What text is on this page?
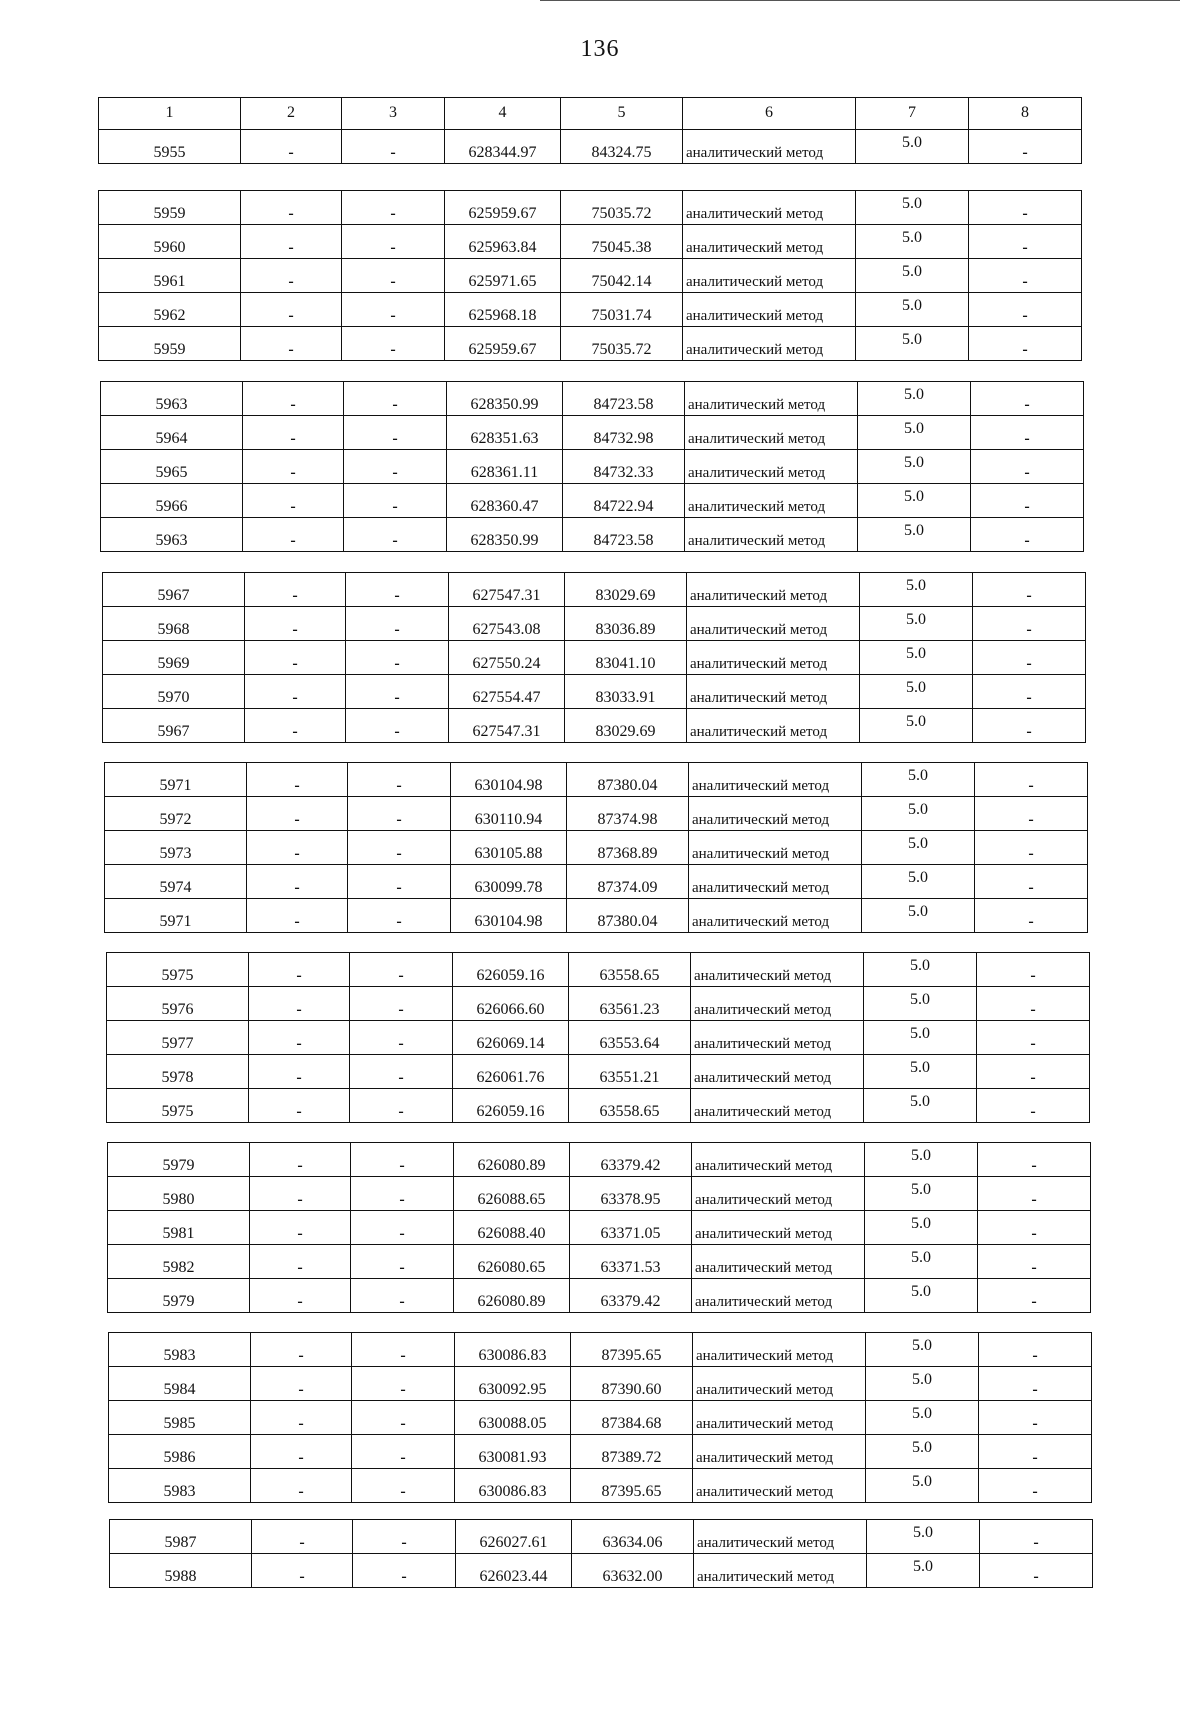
136
1	2	3	4	5	6	7	8
5955	-	-	628344.97	84324.75	аналитический метод	5.0	-
5959	-	-	625959.67	75035.72	аналитический метод	5.0	-
5960	-	-	625963.84	75045.38	аналитический метод	5.0	-
5961	-	-	625971.65	75042.14	аналитический метод	5.0	-
5962	-	-	625968.18	75031.74	аналитический метод	5.0	-
5959	-	-	625959.67	75035.72	аналитический метод	5.0	-
5963	-	-	628350.99	84723.58	аналитический метод	5.0	-
5964	-	-	628351.63	84732.98	аналитический метод	5.0	-
5965	-	-	628361.11	84732.33	аналитический метод	5.0	-
5966	-	-	628360.47	84722.94	аналитический метод	5.0	-
5963	-	-	628350.99	84723.58	аналитический метод	5.0	-
5967	-	-	627547.31	83029.69	аналитический метод	5.0	-
5968	-	-	627543.08	83036.89	аналитический метод	5.0	-
5969	-	-	627550.24	83041.10	аналитический метод	5.0	-
5970	-	-	627554.47	83033.91	аналитический метод	5.0	-
5967	-	-	627547.31	83029.69	аналитический метод	5.0	-
5971	-	-	630104.98	87380.04	аналитический метод	5.0	-
5972	-	-	630110.94	87374.98	аналитический метод	5.0	-
5973	-	-	630105.88	87368.89	аналитический метод	5.0	-
5974	-	-	630099.78	87374.09	аналитический метод	5.0	-
5971	-	-	630104.98	87380.04	аналитический метод	5.0	-
5975	-	-	626059.16	63558.65	аналитический метод	5.0	-
5976	-	-	626066.60	63561.23	аналитический метод	5.0	-
5977	-	-	626069.14	63553.64	аналитический метод	5.0	-
5978	-	-	626061.76	63551.21	аналитический метод	5.0	-
5975	-	-	626059.16	63558.65	аналитический метод	5.0	-
5979	-	-	626080.89	63379.42	аналитический метод	5.0	-
5980	-	-	626088.65	63378.95	аналитический метод	5.0	-
5981	-	-	626088.40	63371.05	аналитический метод	5.0	-
5982	-	-	626080.65	63371.53	аналитический метод	5.0	-
5979	-	-	626080.89	63379.42	аналитический метод	5.0	-
5983	-	-	630086.83	87395.65	аналитический метод	5.0	-
5984	-	-	630092.95	87390.60	аналитический метод	5.0	-
5985	-	-	630088.05	87384.68	аналитический метод	5.0	-
5986	-	-	630081.93	87389.72	аналитический метод	5.0	-
5983	-	-	630086.83	87395.65	аналитический метод	5.0	-
5987	-	-	626027.61	63634.06	аналитический метод	5.0	-
5988	-	-	626023.44	63632.00	аналитический метод	5.0	-
